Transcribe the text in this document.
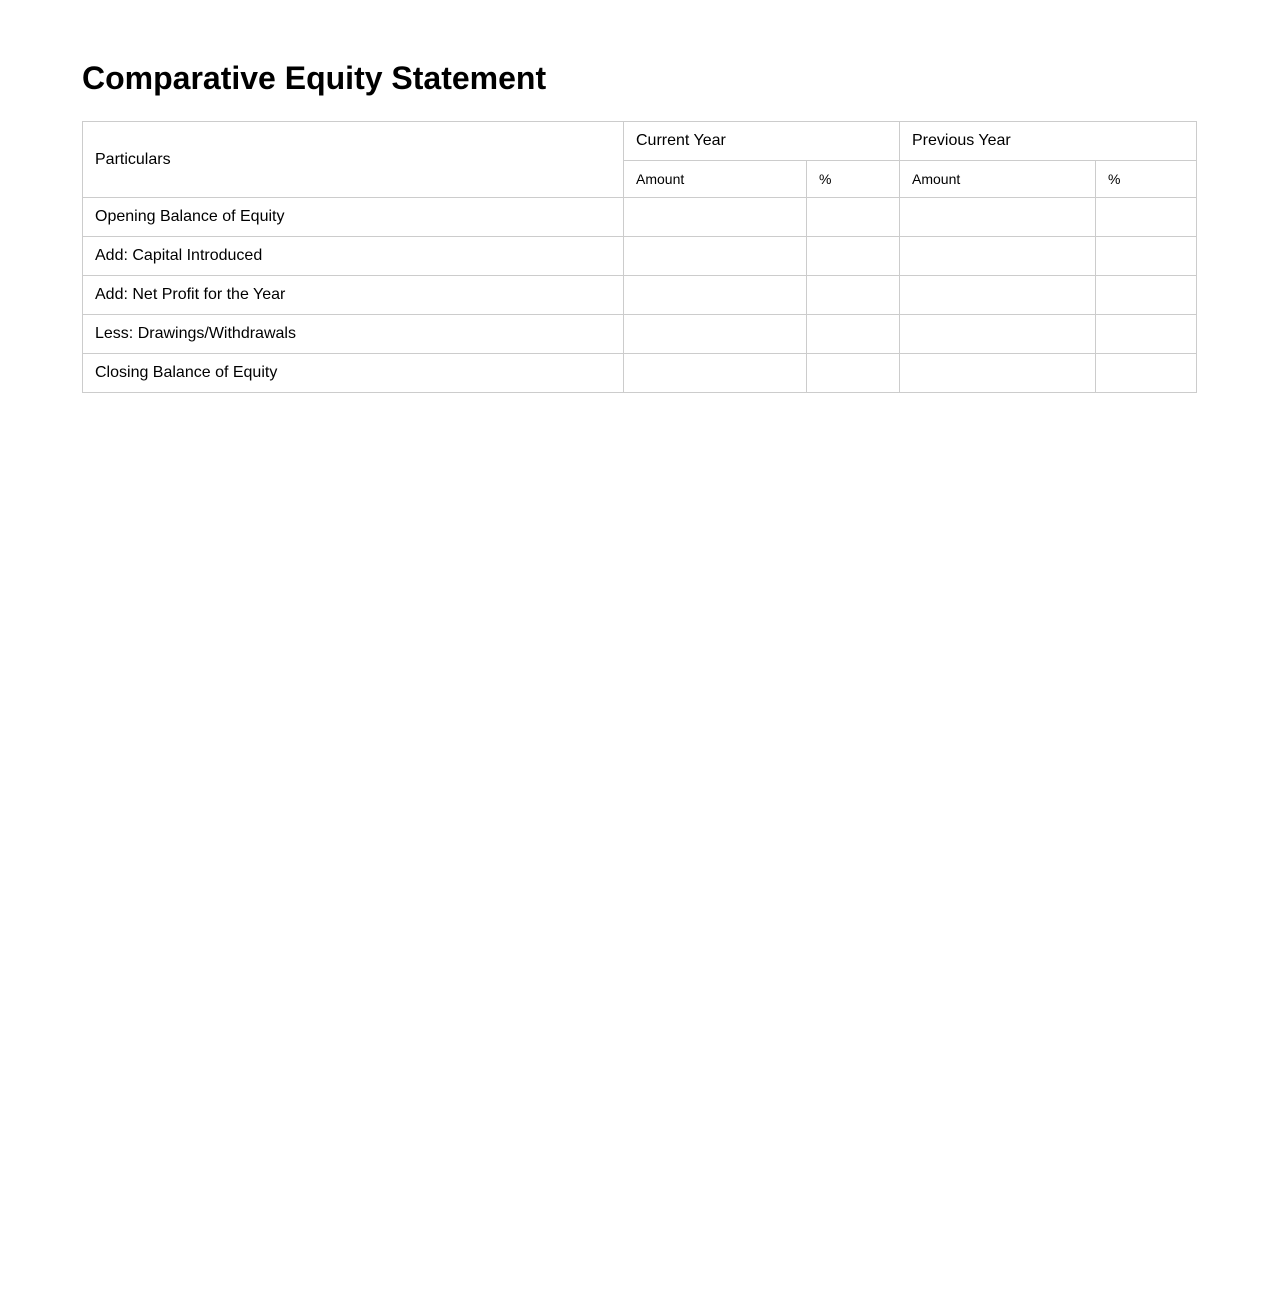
Comparative Equity Statement
Particulars	Current Year		Previous Year	
	Amount	%	Amount	%
Opening Balance of Equity				
Add: Capital Introduced				
Add: Net Profit for the Year				
Less: Drawings/Withdrawals				
Closing Balance of Equity				
